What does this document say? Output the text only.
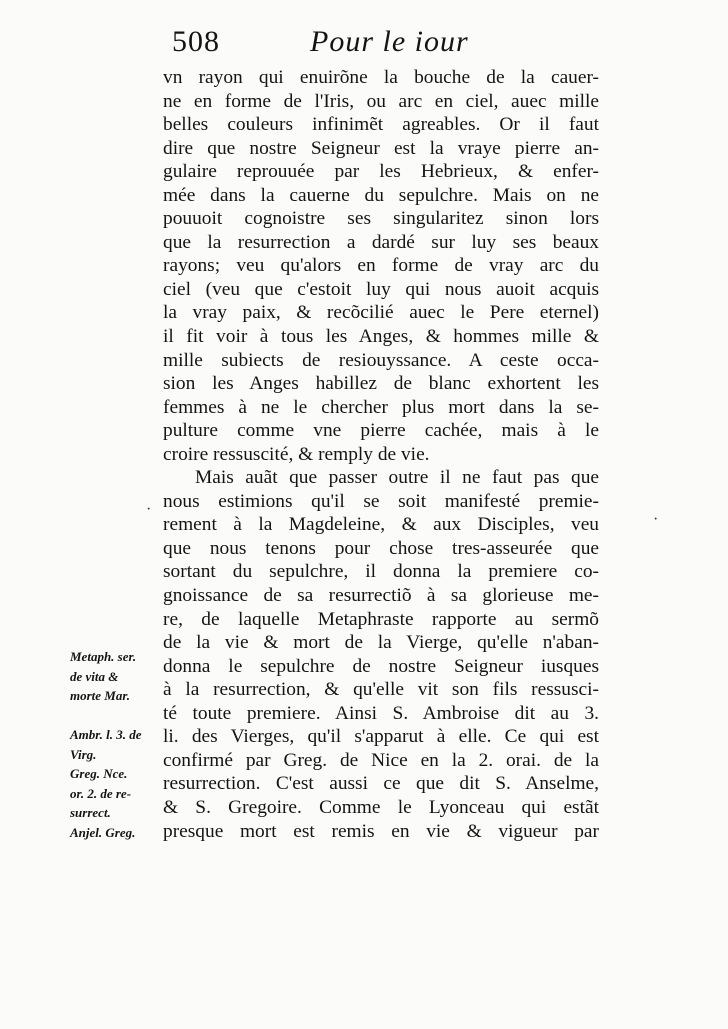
508	Pour le iour
vn rayon qui enuirõne la bouche de la cauer-
ne en forme de l'Iris, ou arc en ciel, auec mille
belles couleurs infinimẽt agreables. Or il faut
dire que nostre Seigneur est la vraye pierre an-
gulaire reprouuée par les Hebrieux, & enfer-
mée dans la cauerne du sepulchre. Mais on ne
pouuoit cognoistre ses singularitez sinon lors
que la resurrection a dardé sur luy ses beaux
rayons; veu qu'alors en forme de vray arc du
ciel (veu que c'estoit luy qui nous auoit acquis
la vray paix, & recõcilié auec le Pere eternel)
il fit voir à tous les Anges, & hommes mille &
mille subiects de resiouyssance. A ceste occa-
sion les Anges habillez de blanc exhortent les
femmes à ne le chercher plus mort dans la se-
pulture comme vne pierre cachée, mais à le
croire ressuscité, & remply de vie.
Mais auãt que passer outre il ne faut pas que
nous estimions qu'il se soit manifesté premie-
rement à la Magdeleine, & aux Disciples, veu
que nous tenons pour chose tres-asseurée que
sortant du sepulchre, il donna la premiere co-
gnoissance de sa resurrectiõ à sa glorieuse me-
re, de laquelle Metaphraste rapporte au sermõ
de la vie & mort de la Vierge, qu'elle n'aban-
donna le sepulchre de nostre Seigneur iusques
à la resurrection, & qu'elle vit son fils ressusci-
té toute premiere. Ainsi S. Ambroise dit au 3.
li. des Vierges, qu'il s'apparut à elle. Ce qui est
confirmé par Greg. de Nice en la 2. orai. de la
resurrection. C'est aussi ce que dit S. Anselme,
& S. Gregoire. Comme le Lyonceau qui estãt
presque mort est remis en vie & vigueur par
Metaph. ser.
de vita &
morte Mar.

Ambr. l. 3. de
Virg.
Greg. Nce.
or. 2. de re-
surrect.
Anjel. Greg.
·
·
